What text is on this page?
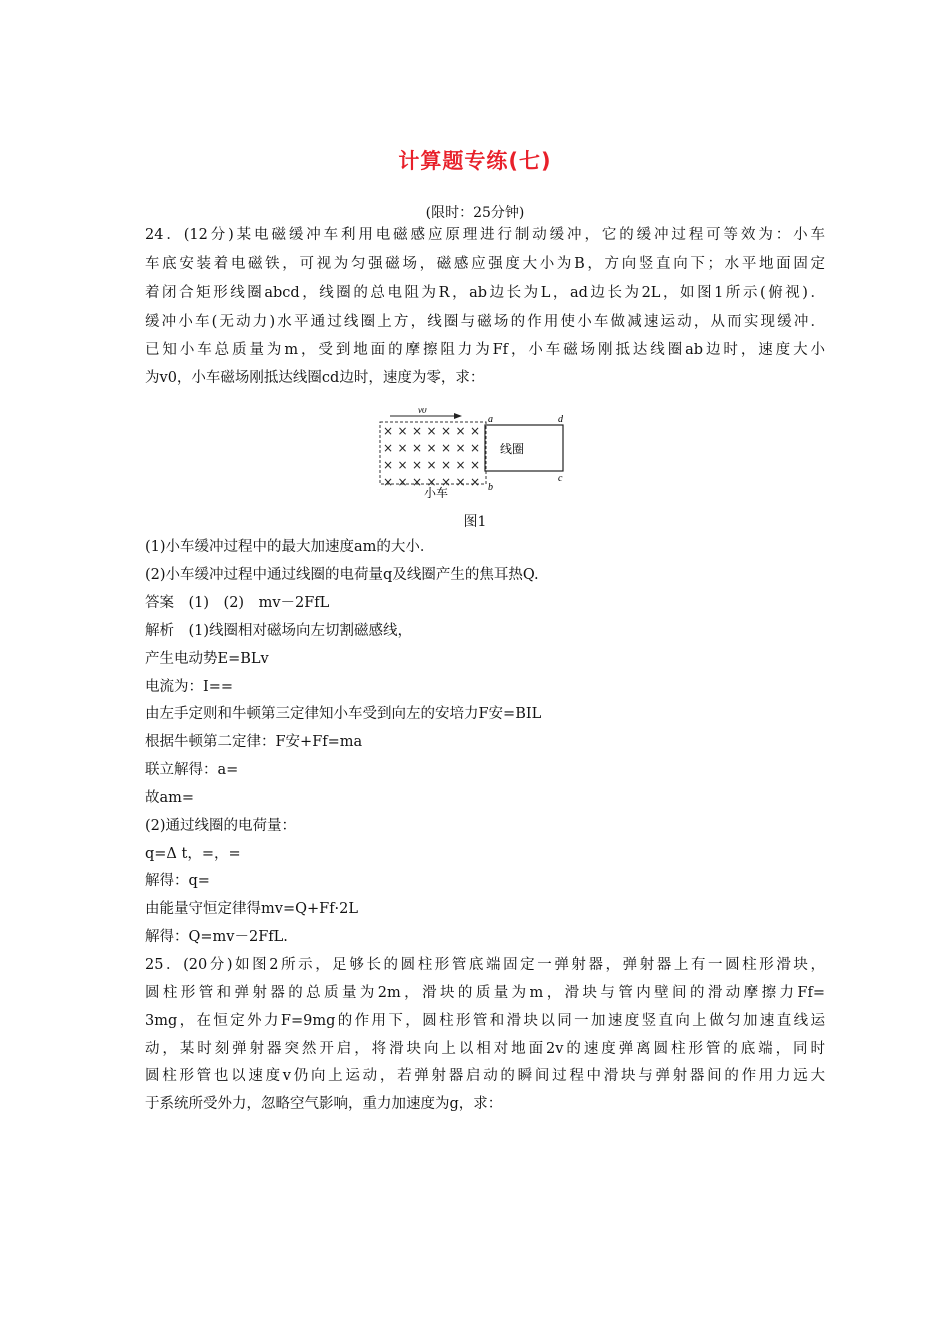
计算题专练(七)
(限时：25分钟)
24．(12分)某电磁缓冲车利用电磁感应原理进行制动缓冲，它的缓冲过程可等效为：小车
车底安装着电磁铁，可视为匀强磁场，磁感应强度大小为B，方向竖直向下；水平地面固定
着闭合矩形线圈abcd，线圈的总电阻为R，ab边长为L，ad边长为2L，如图1所示(俯视)．
缓冲小车(无动力)水平通过线圈上方，线圈与磁场的作用使小车做减速运动，从而实现缓冲．
已知小车总质量为m，受到地面的摩擦阻力为Ff，小车磁场刚抵达线圈ab边时，速度大小
为v0，小车磁场刚抵达线圈cd边时，速度为零，求：
v0
× × × × × × ×
× × × × × × ×
× × × × × × ×
× × × × × × ×
线圈
a	d
b
c
小车
图1
(1)小车缓冲过程中的最大加速度am的大小．
(2)小车缓冲过程中通过线圈的电荷量q及线圈产生的焦耳热Q.
答案　(1)　(2)　mv－2FfL
解析　(1)线圈相对磁场向左切割磁感线，
产生电动势E=BLv
电流为：I==
由左手定则和牛顿第三定律知小车受到向左的安培力F安=BIL
根据牛顿第二定律：F安+Ff=ma
联立解得：a=
故am=
(2)通过线圈的电荷量：
q=Δ t，=，=
解得：q=
由能量守恒定律得mv=Q+Ff·2L
解得：Q=mv－2FfL.
25．(20分)如图2所示，足够长的圆柱形管底端固定一弹射器，弹射器上有一圆柱形滑块，
圆柱形管和弹射器的总质量为2m，滑块的质量为m，滑块与管内壁间的滑动摩擦力Ff=
3mg，在恒定外力F=9mg的作用下，圆柱形管和滑块以同一加速度竖直向上做匀加速直线运
动，某时刻弹射器突然开启，将滑块向上以相对地面2v的速度弹离圆柱形管的底端，同时
圆柱形管也以速度v仍向上运动，若弹射器启动的瞬间过程中滑块与弹射器间的作用力远大
于系统所受外力，忽略空气影响，重力加速度为g，求：
